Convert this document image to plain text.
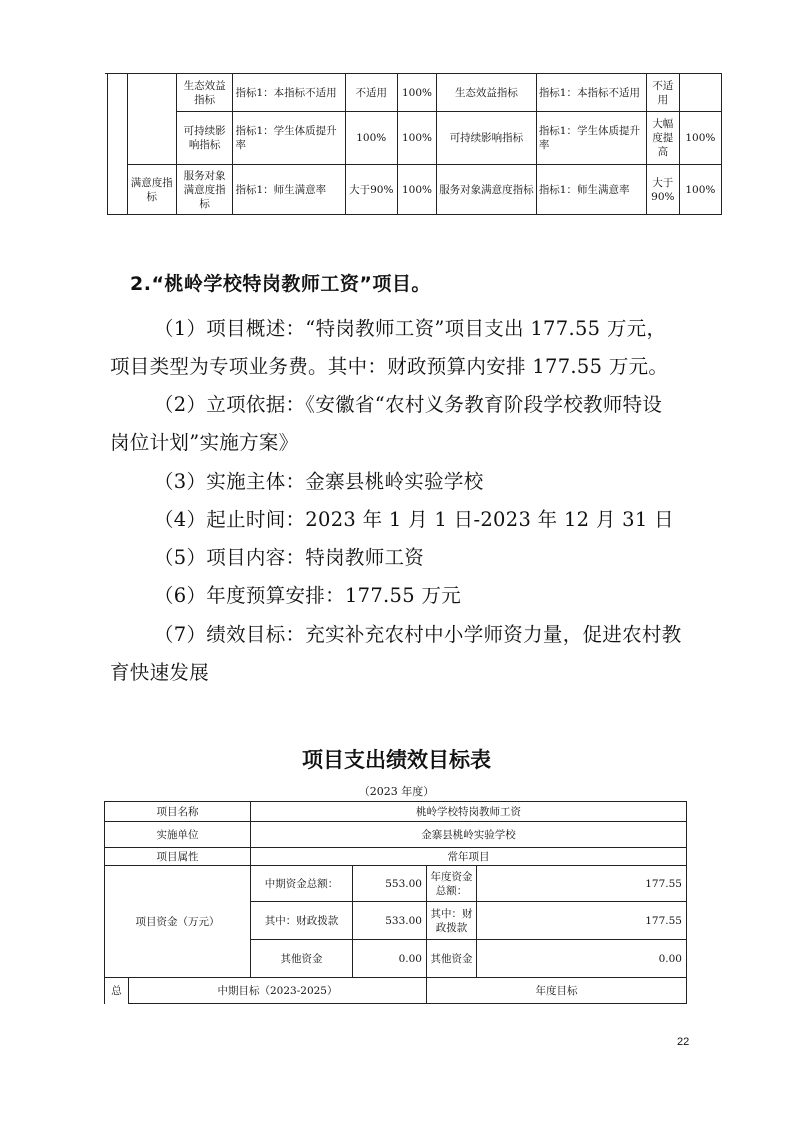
		生态效益指标	指标1：本指标不适用	不适用	100%	生态效益指标	指标1：本指标不适用	不适用	
		可持续影响指标	指标1：学生体质提升率	100%	100%	可持续影响指标	指标1：学生体质提升率	大幅度提高	100%
	满意度指标	服务对象满意度指标	指标1：师生满意率	大于90%	100%	服务对象满意度指标	指标1：师生满意率	大于90%	100%
2.“桃岭学校特岗教师工资”项目。
（1）项目概述：“特岗教师工资”项目支出 177.55 万元，
项目类型为专项业务费。其中：财政预算内安排 177.55 万元。
（2）立项依据：《安徽省“农村义务教育阶段学校教师特设
岗位计划”实施方案》
（3）实施主体：金寨县桃岭实验学校
（4）起止时间：2023 年 1 月 1 日-2023 年 12 月 31 日
（5）项目内容：特岗教师工资
（6）年度预算安排：177.55 万元
（7）绩效目标：充实补充农村中小学师资力量，促进农村教
育快速发展
项目支出绩效目标表
（2023 年度）
项目名称		桃岭学校特岗教师工资			
实施单位		金寨县桃岭实验学校			
项目属性		常年项目			
项目资金（万元）		中期资金总额：	553.00	年度资金总额：	177.55
		其中：财政拨款	533.00	其中：财政拨款	177.55
		其他资金	0.00	其他资金	0.00
总	中期目标（2023-2025）			年度目标	
22
